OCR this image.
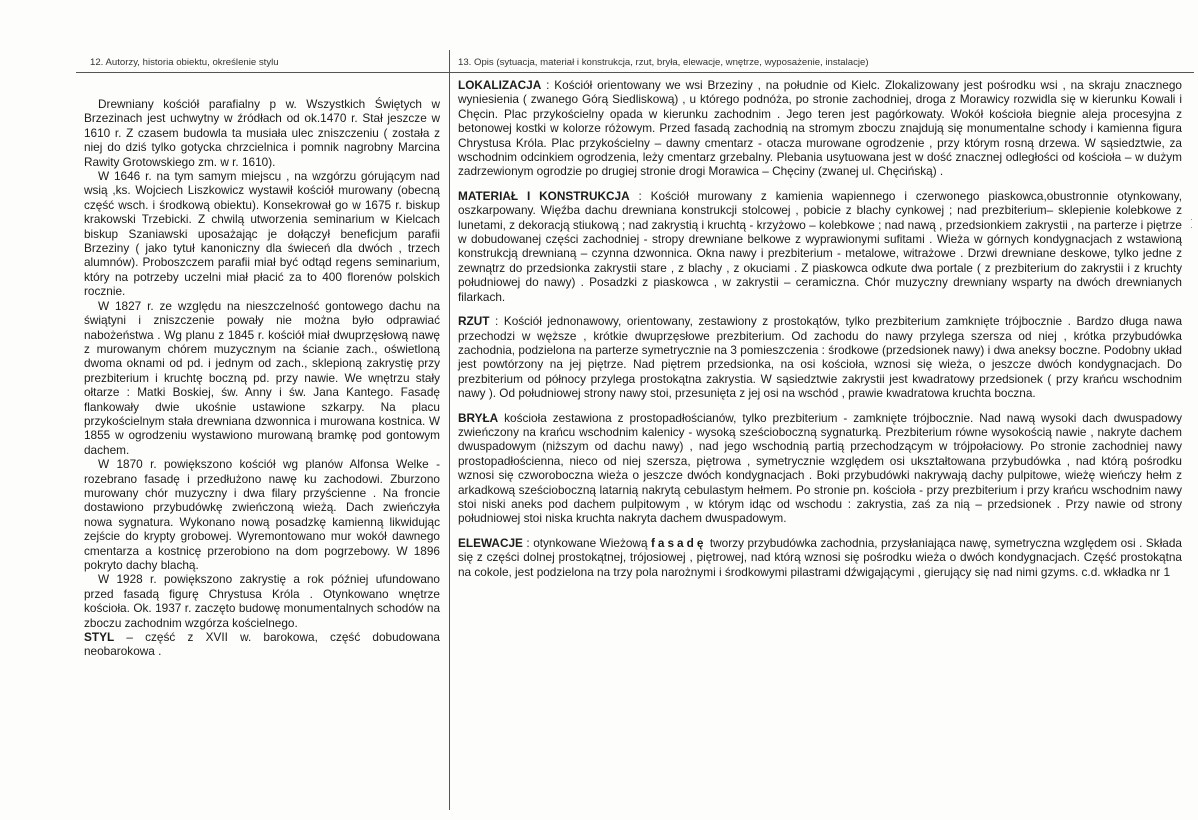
12. Autorzy, historia obiektu, określenie stylu	13. Opis (sytuacja, materiał i konstrukcja, rzut, bryła, elewacje, wnętrze, wyposażenie, instalacje)

Drewniany kościół parafialny p w. Wszystkich Świętych w Brzezinach jest uchwytny w źródłach od ok.1470 r. Stał jeszcze w 1610 r. Z czasem budowla ta musiała ulec zniszczeniu ( została z niej do dziś tylko gotycka chrzcielnica i pomnik nagrobny Marcina Rawity Grotowskiego zm. w r. 1610).

W 1646 r. na tym samym miejscu , na wzgórzu górującym nad wsią ,ks. Wojciech Liszkowicz wystawił kościół murowany (obecną część wsch. i środkową obiektu). Konsekrował go w 1675 r. biskup krakowski Trzebicki. Z chwilą utworzenia seminarium w Kielcach biskup Szaniawski uposażając je dołączył beneficjum parafii Brzeziny ( jako tytuł kanoniczny dla świeceń dla dwóch , trzech alumnów). Proboszczem parafii miał być odtąd regens seminarium, który na potrzeby uczelni miał płacić za to 400 florenów polskich rocznie.

W 1827 r. ze względu na nieszczelność gontowego dachu na świątyni i zniszczenie powały nie można było odprawiać nabożeństwa . Wg planu z 1845 r. kościół miał dwuprzęsłową nawę z murowanym chórem muzycznym na ścianie zach., oświetloną dwoma oknami od pd. i jednym od zach., sklepioną zakrystię przy prezbiterium i kruchtę boczną pd. przy nawie. We wnętrzu stały ołtarze : Matki Boskiej, św. Anny i św. Jana Kantego. Fasadę flankowały dwie ukośnie ustawione szkarpy. Na placu przykościelnym stała drewniana dzwonnica i murowana kostnica. W 1855 w ogrodzeniu wystawiono murowaną bramkę pod gontowym dachem.

W 1870 r. powiększono kościół wg planów Alfonsa Welke - rozebrano fasadę i przedłużono nawę ku zachodowi. Zburzono murowany chór muzyczny i dwa filary przyścienne . Na froncie dostawiono przybudówkę zwieńczoną wieżą. Dach zwieńczyła nowa sygnatura. Wykonano nową posadzkę kamienną likwidując zejście do krypty grobowej. Wyremontowano mur wokół dawnego cmentarza a kostnicę przerobiono na dom pogrzebowy. W 1896 pokryto dachy blachą.

W 1928 r. powiększono zakrystię a rok później ufundowano przed fasadą figurę Chrystusa Króla . Otynkowano wnętrze kościoła. Ok. 1937 r. zaczęto budowę monumentalnych schodów na zboczu zachodnim wzgórza kościelnego.

STYL – część z XVII w. barokowa, część dobudowana neobarokowa .

LOKALIZACJA : Kościół orientowany we wsi Brzeziny , na południe od Kielc. Zlokalizowany jest pośrodku wsi , na skraju znacznego wyniesienia ( zwanego Górą Siedliskową) , u którego podnóża, po stronie zachodniej, droga z Morawicy rozwidla się w kierunku Kowali i Chęcin. Plac przykościelny opada w kierunku zachodnim . Jego teren jest pagórkowaty. Wokół kościoła biegnie aleja procesyjna z betonowej kostki w kolorze różowym. Przed fasadą zachodnią na stromym zboczu znajdują się monumentalne schody i kamienna figura Chrystusa Króla. Plac przykościelny – dawny cmentarz - otacza murowane ogrodzenie , przy którym rosną drzewa. W sąsiedztwie, za wschodnim odcinkiem ogrodzenia, leży cmentarz grzebalny. Plebania usytuowana jest w dość znacznej odległości od kościoła – w dużym zadrzewionym ogrodzie po drugiej stronie drogi Morawica – Chęciny (zwanej ul. Chęcińską) .

MATERIAŁ I KONSTRUKCJA : Kościół murowany z kamienia wapiennego i czerwonego piaskowca,obustronnie otynkowany, oszkarpowany. Więźba dachu drewniana konstrukcji stolcowej , pobicie z blachy cynkowej ; nad prezbiterium– sklepienie kolebkowe z lunetami, z dekoracją stiukową ; nad zakrystią i kruchtą - krzyżowo – kolebkowe ; nad nawą , przedsionkiem zakrystii , na parterze i piętrze w dobudowanej części zachodniej - stropy drewniane belkowe z wyprawionymi sufitami . Wieża w górnych kondygnacjach z wstawioną konstrukcją drewnianą – czynna dzwonnica. Okna nawy i prezbiterium - metalowe, witrażowe . Drzwi drewniane deskowe, tylko jedne z zewnątrz do przedsionka zakrystii stare , z blachy , z okuciami . Z piaskowca odkute dwa portale ( z prezbiterium do zakrystii i z kruchty południowej do nawy) . Posadzki z piaskowca , w zakrystii – ceramiczna. Chór muzyczny drewniany wsparty na dwóch drewnianych filarkach.

RZUT : Kościół jednonawowy, orientowany, zestawiony z prostokątów, tylko prezbiterium zamknięte trójbocznie . Bardzo długa nawa przechodzi w węższe , krótkie dwuprzęsłowe prezbiterium. Od zachodu do nawy przylega szersza od niej , krótka przybudówka zachodnia, podzielona na parterze symetrycznie na 3 pomieszczenia : środkowe (przedsionek nawy) i dwa aneksy boczne. Podobny układ jest powtórzony na jej piętrze. Nad piętrem przedsionka, na osi kościoła, wznosi się wieża, o jeszcze dwóch kondygnacjach. Do prezbiterium od północy przylega prostokątna zakrystia. W sąsiedztwie zakrystii jest kwadratowy przedsionek ( przy krańcu wschodnim nawy ). Od południowej strony nawy stoi, przesunięta z jej osi na wschód , prawie kwadratowa kruchta boczna.

BRYŁA kościoła zestawiona z prostopadłościanów, tylko prezbiterium - zamknięte trójbocznie. Nad nawą wysoki dach dwuspadowy zwieńczony na krańcu wschodnim kalenicy - wysoką sześcioboczną sygnaturką. Prezbiterium równe wysokością nawie , nakryte dachem dwuspadowym (niższym od dachu nawy) , nad jego wschodnią partią przechodzącym w trójpołaciowy. Po stronie zachodniej nawy prostopadłościenna, nieco od niej szersza, piętrowa , symetrycznie względem osi ukształtowana przybudówka , nad którą pośrodku wznosi się czworoboczna wieża o jeszcze dwóch kondygnacjach . Boki przybudówki nakrywają dachy pulpitowe, wieżę wieńczy hełm z arkadkową sześcioboczną latarnią nakrytą cebulastym hełmem. Po stronie pn. kościoła - przy prezbiterium i przy krańcu wschodnim nawy stoi niski aneks pod dachem pulpitowym , w którym idąc od wschodu : zakrystia, zaś za nią – przedsionek . Przy nawie od strony południowej stoi niska kruchta nakryta dachem dwuspadowym.

ELEWACJE : otynkowane Wieżową fasadę tworzy przybudówka zachodnia, przysłaniająca nawę, symetryczna względem osi . Składa się z części dolnej prostokątnej, trójosiowej , piętrowej, nad którą wznosi się pośrodku wieża o dwóch kondygnacjach. Część prostokątna na cokole, jest podzielona na trzy pola narożnymi i środkowymi pilastrami dźwigającymi , gierujący się nad nimi gzyms. c.d. wkładka nr 1

·
·
